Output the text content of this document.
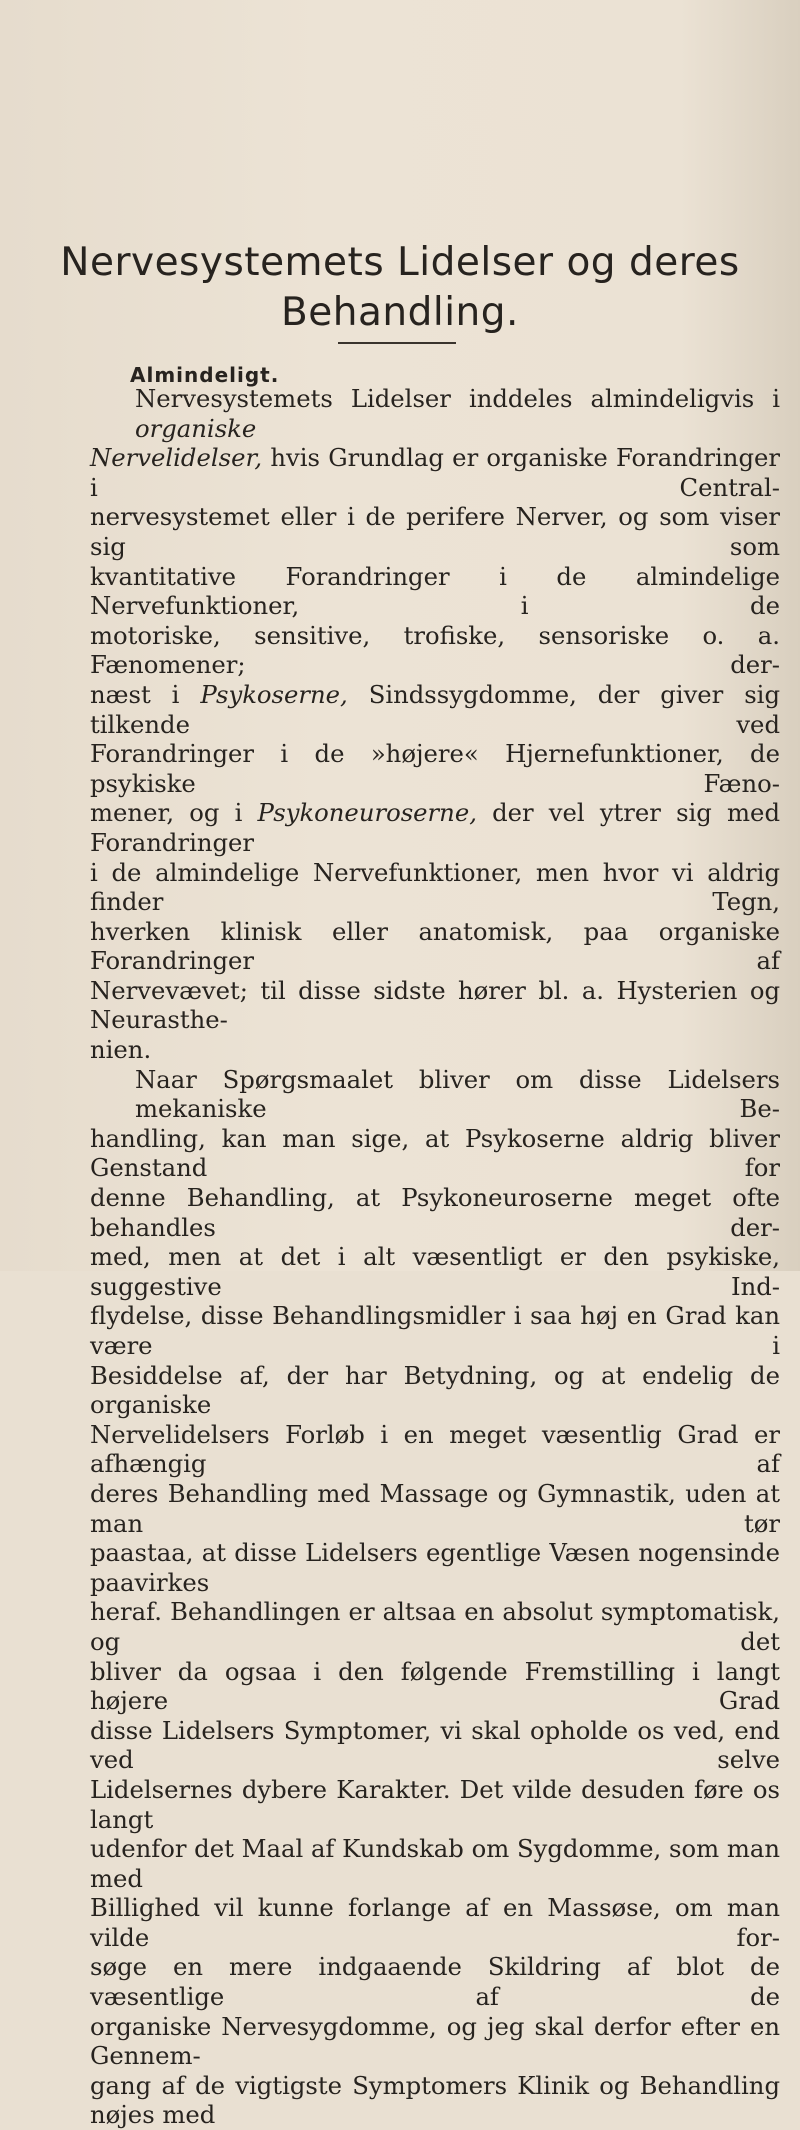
Nervesystemets Lidelser og deres
Behandling.
Almindeligt.
Nervesystemets Lidelser inddeles almindeligvis i organiske
Nervelidelser, hvis Grundlag er organiske Forandringer i Central-
nervesystemet eller i de perifere Nerver, og som viser sig som
kvantitative Forandringer i de almindelige Nervefunktioner, i de
motoriske, sensitive, trofiske, sensoriske o. a. Fænomener; der-
næst i Psykoserne, Sindssygdomme, der giver sig tilkende ved
Forandringer i de »højere« Hjernefunktioner, de psykiske Fæno-
mener, og i Psykoneuroserne, der vel ytrer sig med Forandringer
i de almindelige Nervefunktioner, men hvor vi aldrig finder Tegn,
hverken klinisk eller anatomisk, paa organiske Forandringer af
Nervevævet; til disse sidste hører bl. a. Hysterien og Neurasthe-
nien.
Naar Spørgsmaalet bliver om disse Lidelsers mekaniske Be-
handling, kan man sige, at Psykoserne aldrig bliver Genstand for
denne Behandling, at Psykoneuroserne meget ofte behandles der-
med, men at det i alt væsentligt er den psykiske, suggestive Ind-
flydelse, disse Behandlingsmidler i saa høj en Grad kan være i
Besiddelse af, der har Betydning, og at endelig de organiske
Nervelidelsers Forløb i en meget væsentlig Grad er afhængig af
deres Behandling med Massage og Gymnastik, uden at man tør
paastaa, at disse Lidelsers egentlige Væsen nogensinde paavirkes
heraf. Behandlingen er altsaa en absolut symptomatisk, og det
bliver da ogsaa i den følgende Fremstilling i langt højere Grad
disse Lidelsers Symptomer, vi skal opholde os ved, end ved selve
Lidelsernes dybere Karakter. Det vilde desuden føre os langt
udenfor det Maal af Kundskab om Sygdomme, som man med
Billighed vil kunne forlange af en Massøse, om man vilde for-
søge en mere indgaaende Skildring af blot de væsentlige af de
organiske Nervesygdomme, og jeg skal derfor efter en Gennem-
gang af de vigtigste Symptomers Klinik og Behandling nøjes med
